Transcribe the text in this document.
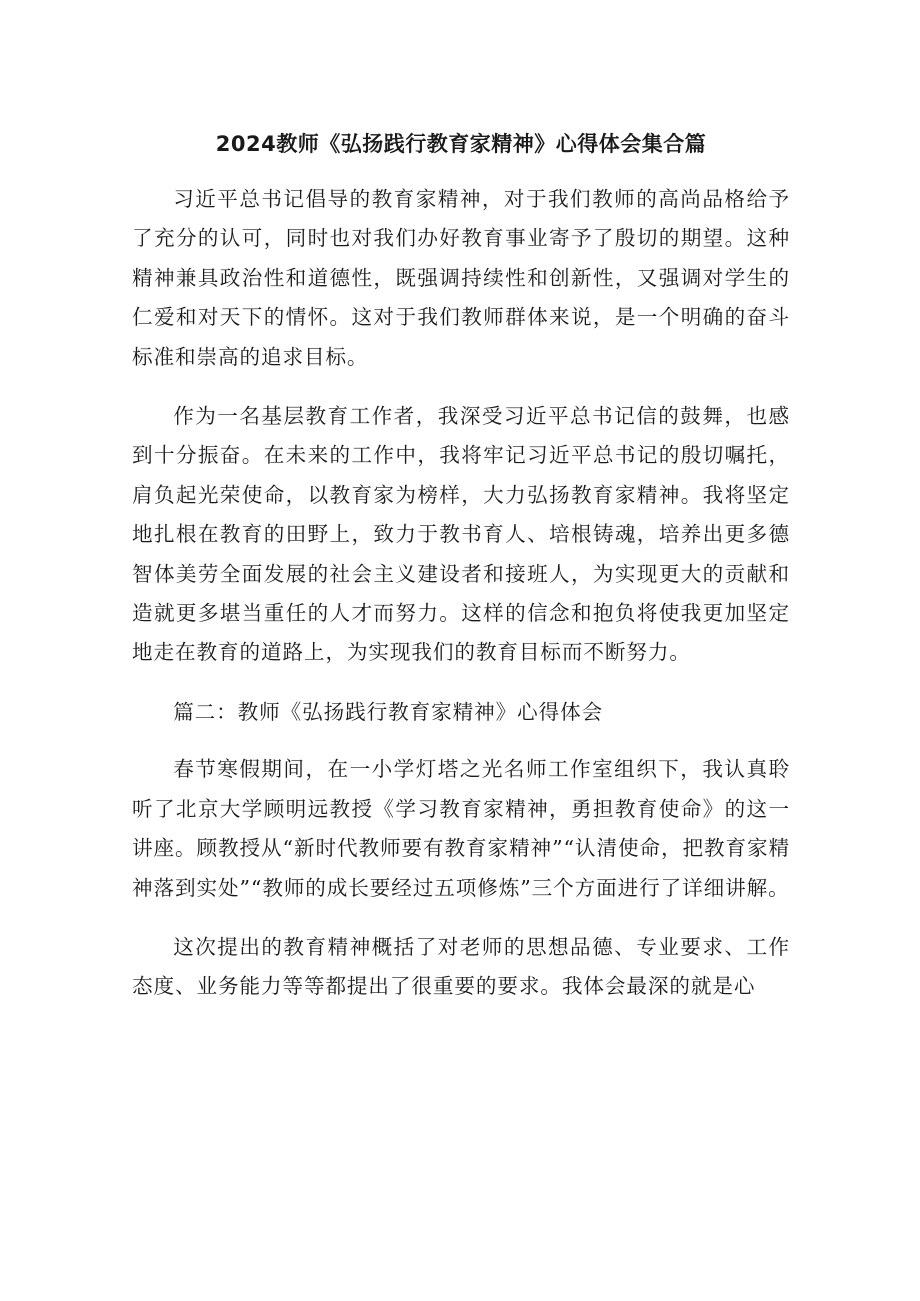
2024教师《弘扬践行教育家精神》心得体会集合篇

习近平总书记倡导的教育家精神，对于我们教师的高尚品格给予了充分的认可，同时也对我们办好教育事业寄予了殷切的期望。这种精神兼具政治性和道德性，既强调持续性和创新性，又强调对学生的仁爱和对天下的情怀。这对于我们教师群体来说，是一个明确的奋斗标准和崇高的追求目标。

作为一名基层教育工作者，我深受习近平总书记信的鼓舞，也感到十分振奋。在未来的工作中，我将牢记习近平总书记的殷切嘱托，肩负起光荣使命，以教育家为榜样，大力弘扬教育家精神。我将坚定地扎根在教育的田野上，致力于教书育人、培根铸魂，培养出更多德智体美劳全面发展的社会主义建设者和接班人，为实现更大的贡献和造就更多堪当重任的人才而努力。这样的信念和抱负将使我更加坚定地走在教育的道路上，为实现我们的教育目标而不断努力。

篇二：教师《弘扬践行教育家精神》心得体会

春节寒假期间，在一小学灯塔之光名师工作室组织下，我认真聆听了北京大学顾明远教授《学习教育家精神，勇担教育使命》的这一讲座。顾教授从“新时代教师要有教育家精神”“认清使命，把教育家精神落到实处”“教师的成长要经过五项修炼”三个方面进行了详细讲解。

这次提出的教育精神概括了对老师的思想品德、专业要求、工作态度、业务能力等等都提出了很重要的要求。我体会最深的就是心
